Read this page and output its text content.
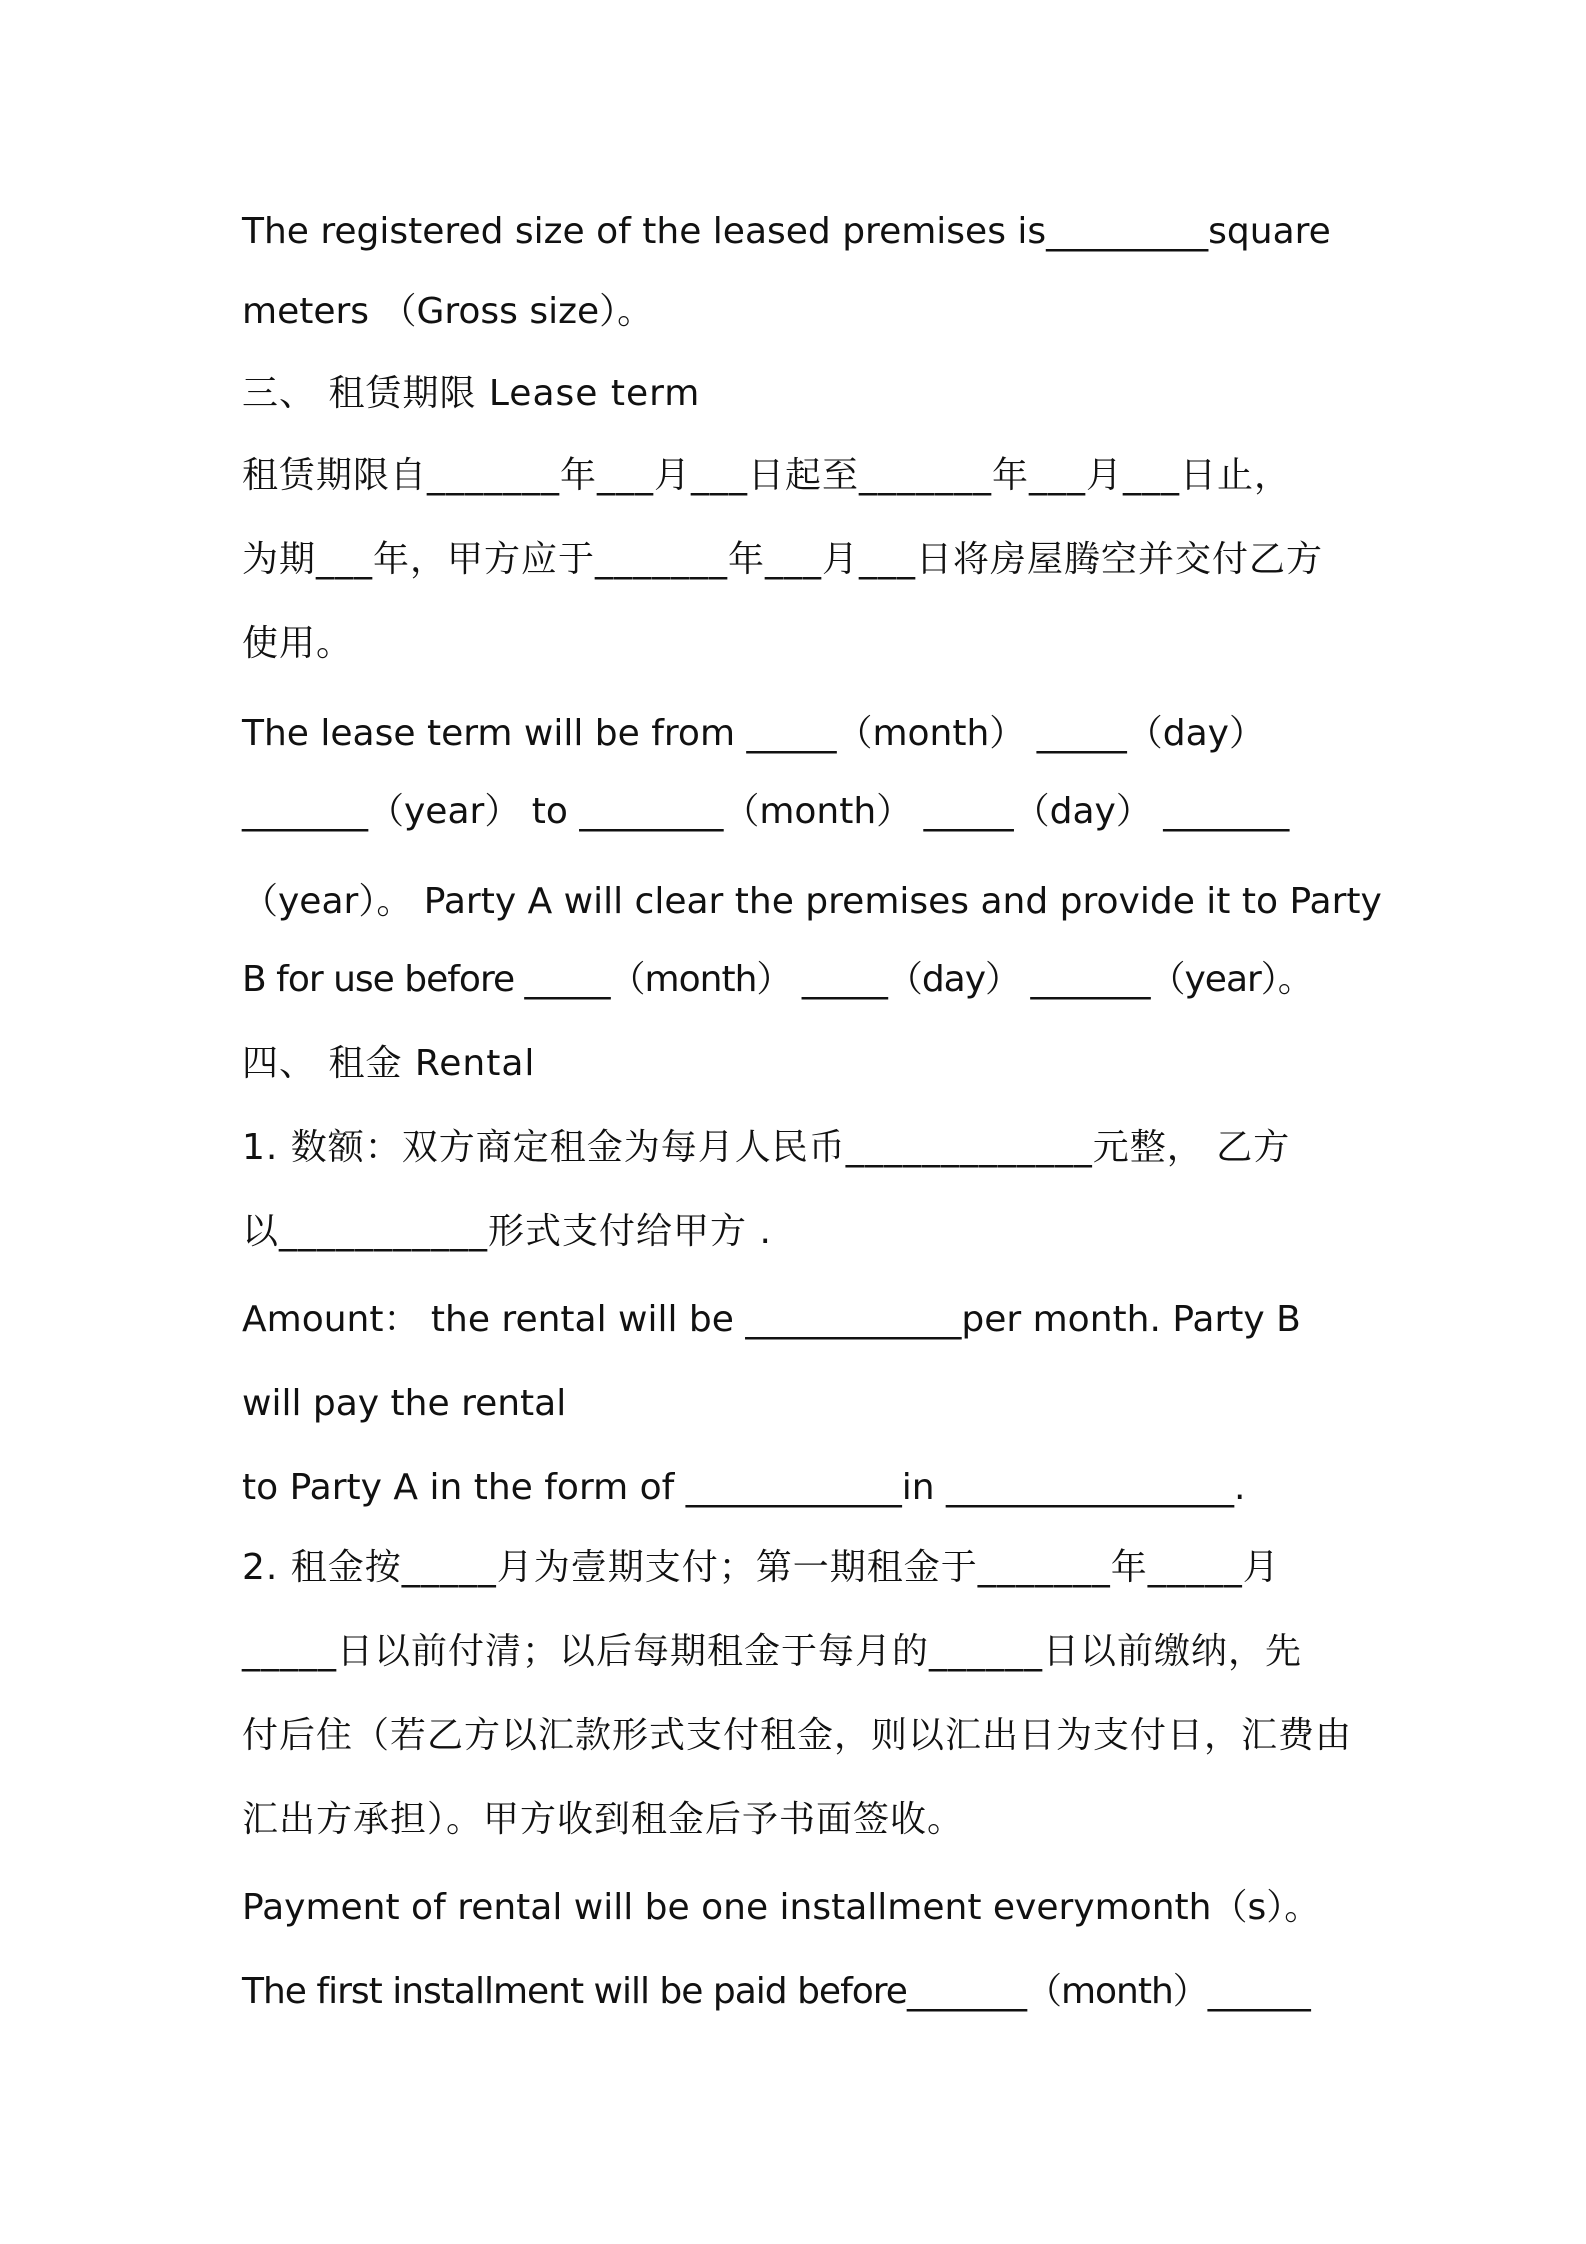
The registered size of the leased premises is_________square
meters （Gross size）。
三、 租赁期限 Lease term
租赁期限自_______年___月___日起至_______年___月___日止，
为期___年，甲方应于_______年___月___日将房屋腾空并交付乙方
使用。
The lease term will be from _____（month） _____（day）
_______（year） to ________（month） _____（day） _______
（year）。 Party A will clear the premises and provide it to Party
B for use before _____（month） _____（day） _______（year）。
四、 租金 Rental
1. 数额：双方商定租金为每月人民币_____________元整， 乙方
以___________形式支付给甲方 .
Amount： the rental will be ____________per month. Party B
will pay the rental
to Party A in the form of ____________in ________________.
2. 租金按_____月为壹期支付；第一期租金于_______年_____月
_____日以前付清；以后每期租金于每月的______日以前缴纳，先
付后住（若乙方以汇款形式支付租金，则以汇出日为支付日，汇费由
汇出方承担）。甲方收到租金后予书面签收。
Payment of rental will be one installment everymonth（s）。
The first installment will be paid before_______（month）______
